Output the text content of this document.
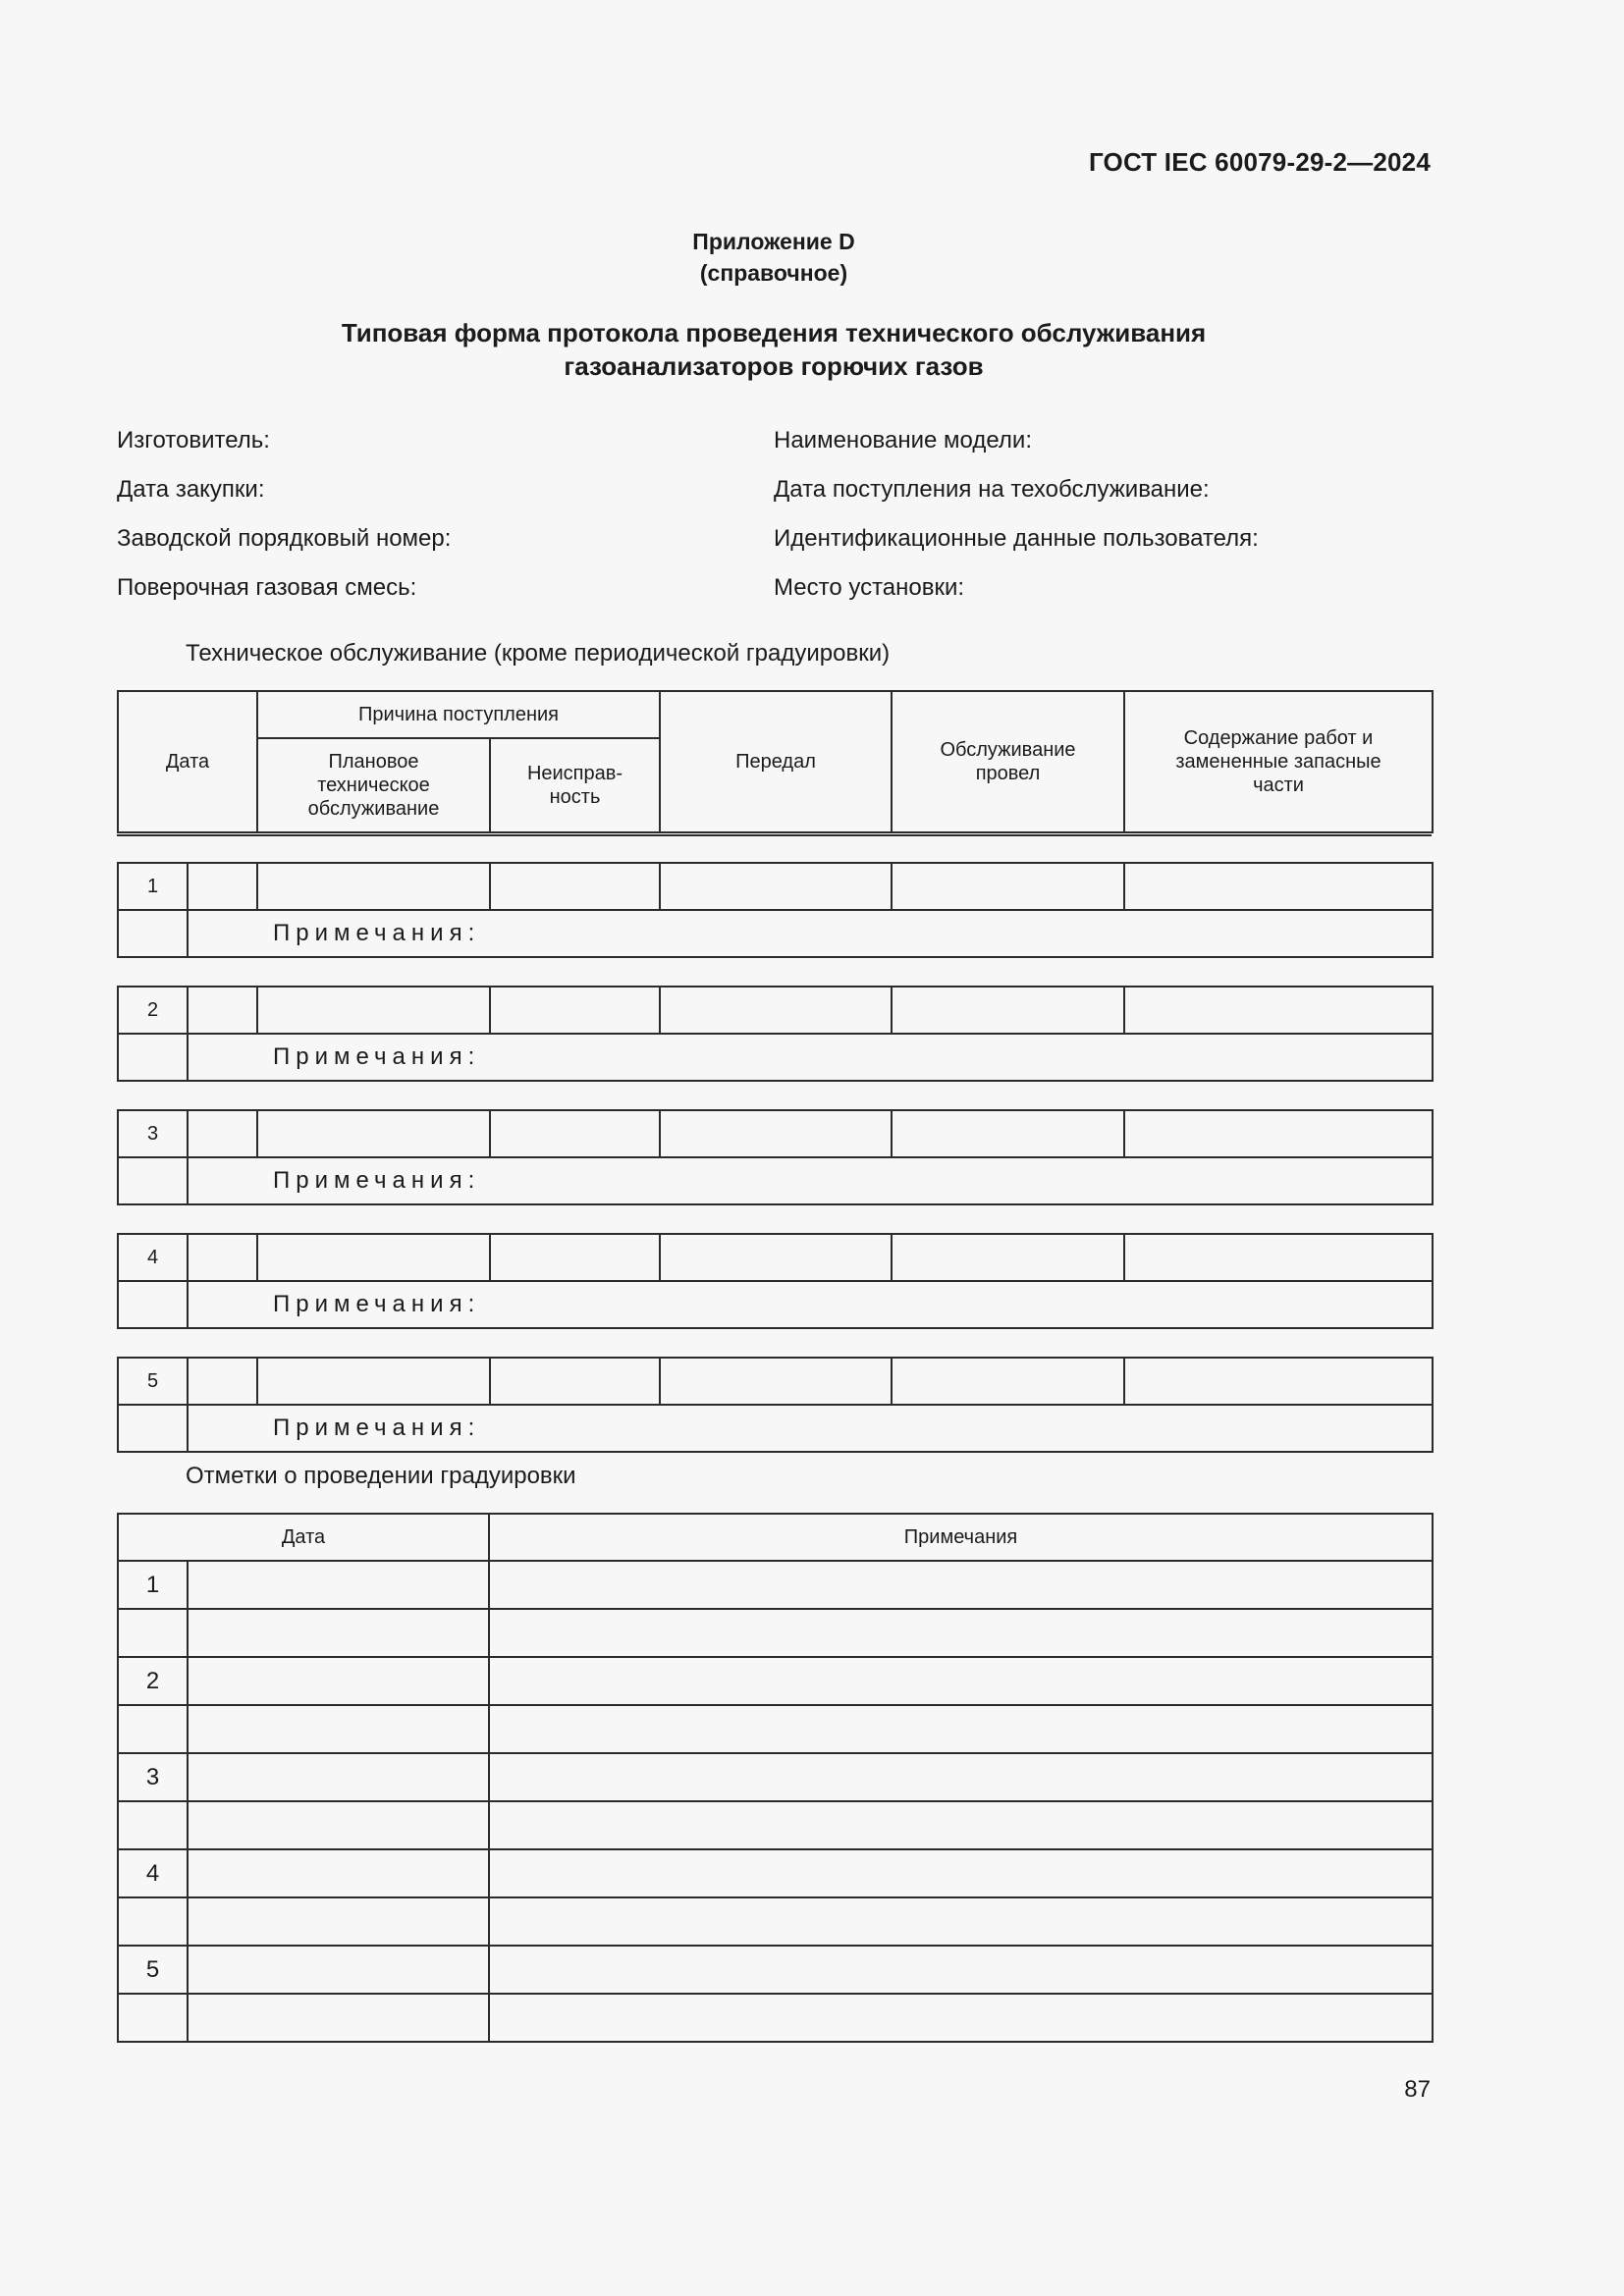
ГОСТ IEC 60079-29-2—2024
Приложение D
(справочное)
Типовая форма протокола проведения технического обслуживания
газоанализаторов горючих газов
Изготовитель:	Наименование модели:
Дата закупки:	Дата поступления на техобслуживание:
Заводской порядковый номер:	Идентификационные данные пользователя:
Поверочная газовая смесь:	Место установки:
Техническое обслуживание (кроме периодической градуировки)
Дата	Причина поступления		Передал	Обслуживание провел	Содержание работ и замененные запасные части
	Плановое техническое обслуживание	Неисправ-ность			
1						
	Примечания:					
2						
	Примечания:					
3						
	Примечания:					
4						
	Примечания:					
5						
	Примечания:					
Отметки о проведении градуировки
Дата		Примечания
1		

2		

3		

4		

5		

87
